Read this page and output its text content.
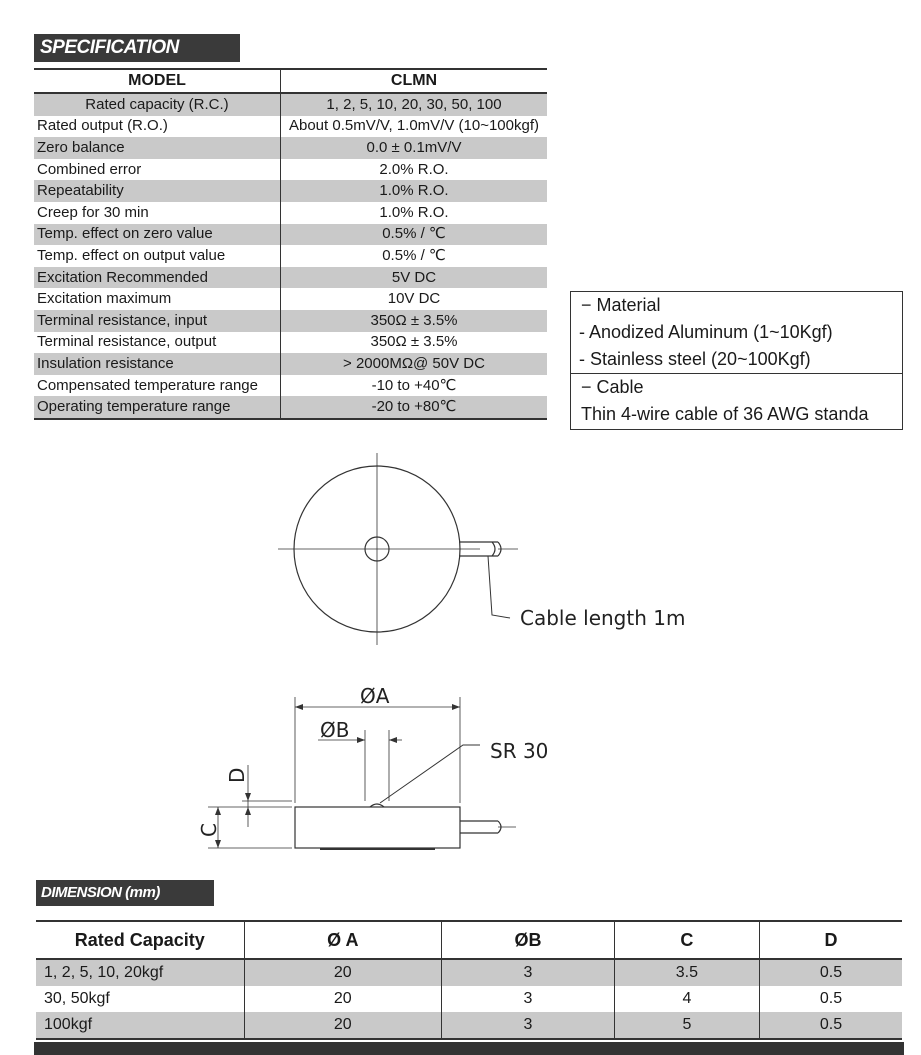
SPECIFICATION
MODEL	CLMN
Rated capacity (R.C.)	1, 2, 5, 10, 20, 30, 50, 100
Rated output (R.O.)	About 0.5mV/V, 1.0mV/V (10~100kgf)
Zero balance	0.0 ± 0.1mV/V
Combined error	2.0% R.O.
Repeatability	1.0% R.O.
Creep for 30 min	1.0% R.O.
Temp. effect on zero value	0.5% / ℃
Temp. effect on output value	0.5% / ℃
Excitation Recommended	5V DC
Excitation maximum	10V DC
Terminal resistance, input	350Ω ± 3.5%
Terminal resistance, output	350Ω ± 3.5%
Insulation resistance	> 2000MΩ@ 50V DC
Compensated temperature range	-10 to +40℃
Operating temperature range	-20 to +80℃
− Material
- Anodized Aluminum (1~10Kgf)
- Stainless steel (20~100Kgf)
− Cable
Thin 4-wire cable of 36 AWG standa
Cable length 1m
ØA
ØB
SR 30
C
D
DIMENSION (mm)
Rated Capacity	Ø A	ØB	C	D
1, 2, 5, 10, 20kgf	20	3	3.5	0.5
30, 50kgf	20	3	4	0.5
100kgf	20	3	5	0.5
